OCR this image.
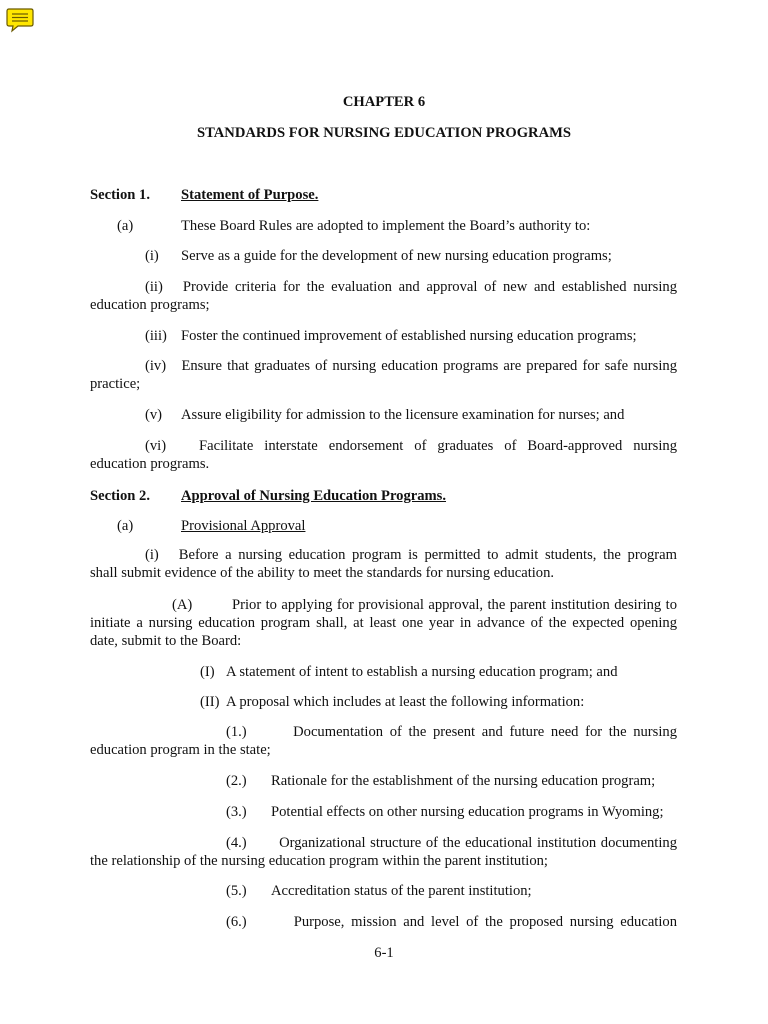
CHAPTER 6
STANDARDS FOR NURSING EDUCATION PROGRAMS
Section 1. Statement of Purpose.
(a)	These Board Rules are adopted to implement the Board’s authority to:
(i) Serve as a guide for the development of new nursing education programs;
(ii) Provide criteria for the evaluation and approval of new and established nursing
education programs;
(iii) Foster the continued improvement of established nursing education programs;
(iv) Ensure that graduates of nursing education programs are prepared for safe nursing
practice;
(v) Assure eligibility for admission to the licensure examination for nurses; and
(vi) Facilitate interstate endorsement of graduates of Board-approved nursing
education programs.
Section 2. Approval of Nursing Education Programs.
(a)	Provisional Approval
(i) Before a nursing education program is permitted to admit students, the program
shall submit evidence of the ability to meet the standards for nursing education.
(A)	Prior to applying for provisional approval, the parent institution desiring to
initiate a nursing education program shall, at least one year in advance of the expected opening
date, submit to the Board:
(I) A statement of intent to establish a nursing education program; and
(II) A proposal which includes at least the following information:
(1.)	Documentation of the present and future need for the nursing
education program in the state;
(2.) Rationale for the establishment of the nursing education program;
(3.) Potential effects on other nursing education programs in Wyoming;
(4.) Organizational structure of the educational institution documenting
the relationship of the nursing education program within the parent institution;
(5.) Accreditation status of the parent institution;
(6.)	Purpose, mission and level of the proposed nursing education
6-1
